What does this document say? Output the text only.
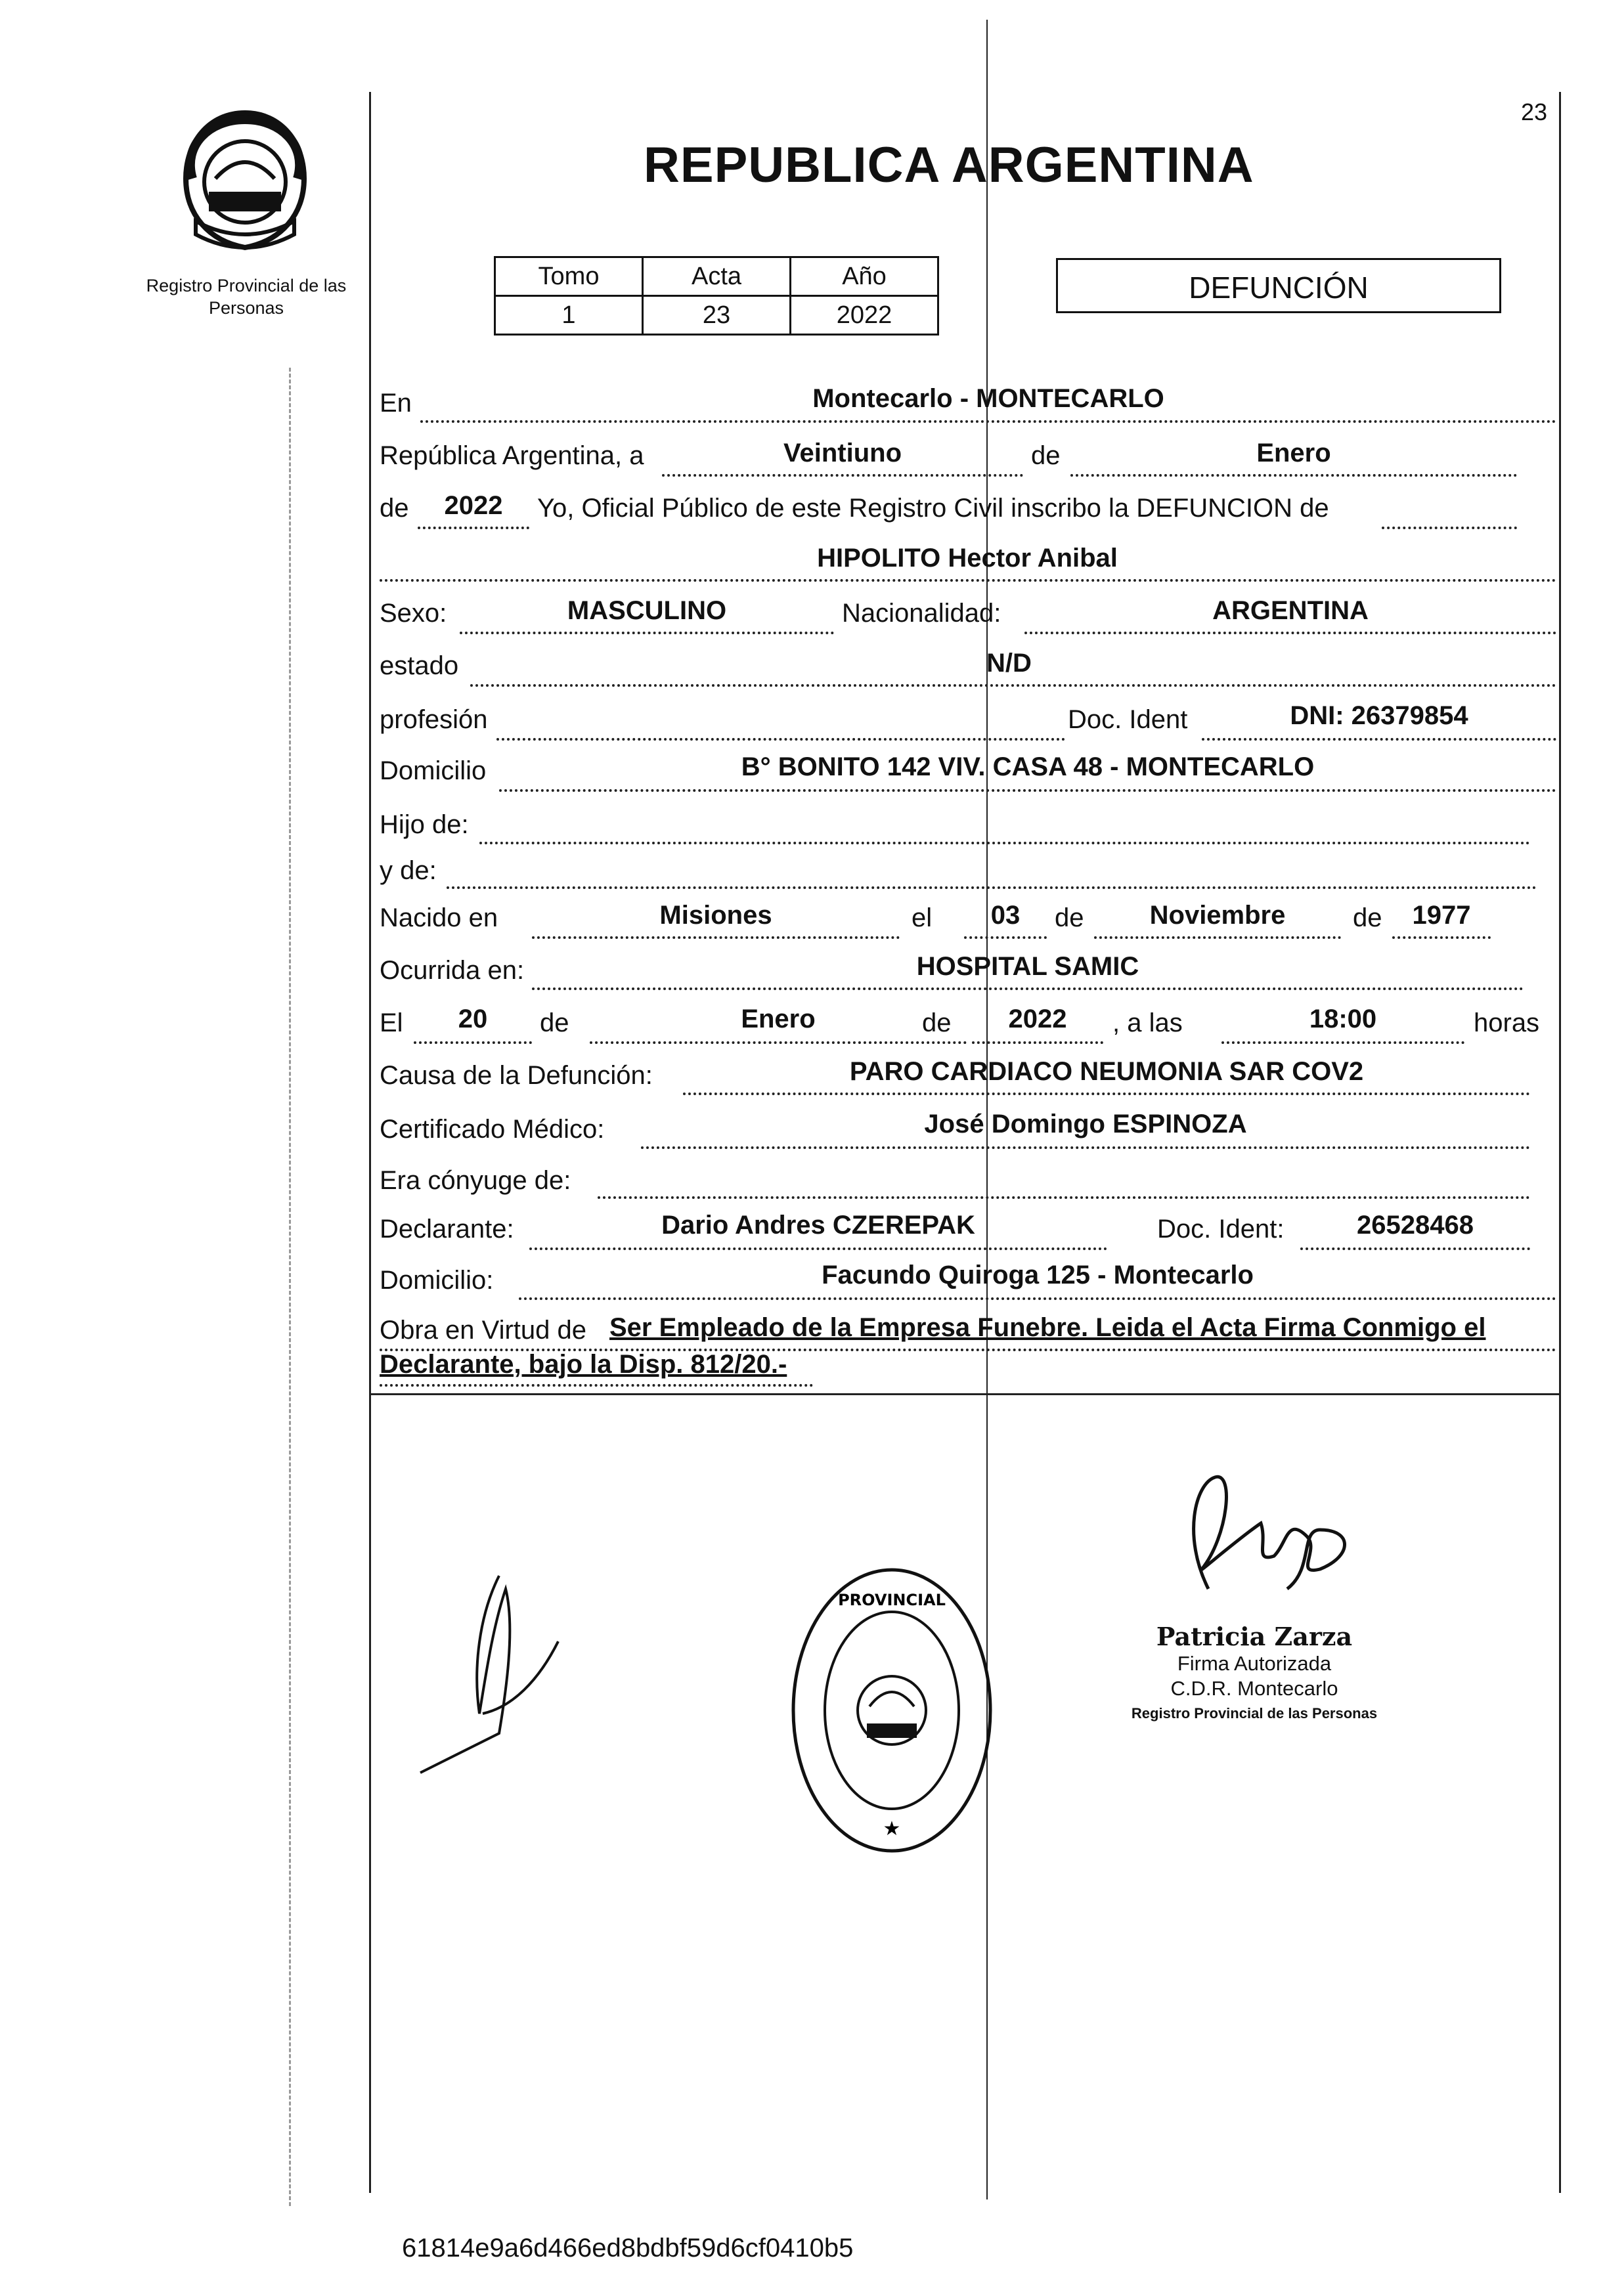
Registro Provincial de las Personas
REPUBLICA ARGENTINA
23
Tomo	Acta	Año
1	23	2022
DEFUNCIÓN
En	Montecarlo - MONTECARLO
República Argentina, a	Veintiuno	de	Enero
de	2022	Yo, Oficial Público de este Registro Civil inscribo la DEFUNCION de
HIPOLITO Hector Anibal
Sexo:	MASCULINO	Nacionalidad:	ARGENTINA
estado	N/D
profesión	Doc. Ident	DNI: 26379854
Domicilio	B° BONITO 142 VIV. CASA 48 - MONTECARLO
Hijo de:
y de:
Nacido en	Misiones	el	03	de	Noviembre	de	1977
Ocurrida en:	HOSPITAL SAMIC
El	20	de	Enero	de	2022	, a las	18:00	horas
Causa de la Defunción:	PARO CARDIACO NEUMONIA SAR COV2
Certificado Médico:	José Domingo ESPINOZA
Era cónyuge de:
Declarante:	Dario Andres CZEREPAK	Doc. Ident:	26528468
Domicilio:	Facundo Quiroga 125 - Montecarlo
Obra en Virtud de Ser Empleado de la Empresa Funebre. Leida el Acta Firma Conmigo el
Declarante, bajo la Disp. 812/20.-
PROVINCIAL
★
Patricia Zarza
Firma Autorizada
C.D.R. Montecarlo
Registro Provincial de las Personas
61814e9a6d466ed8bdbf59d6cf0410b5
